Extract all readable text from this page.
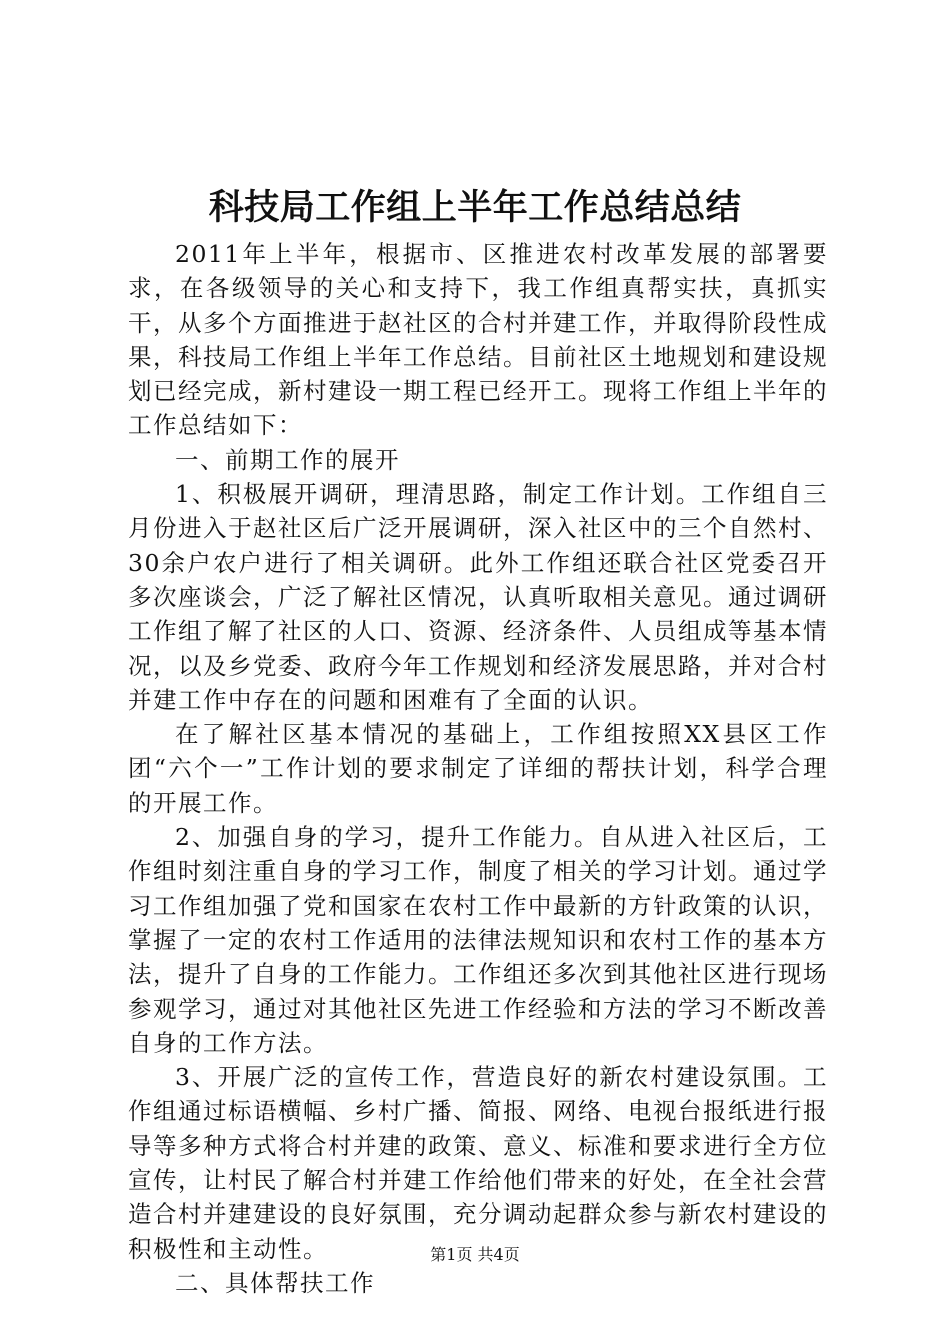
科技局工作组上半年工作总结总结

2011年上半年，根据市、区推进农村改革发展的部署要求，在各级领导的关心和支持下，我工作组真帮实扶，真抓实干，从多个方面推进于赵社区的合村并建工作，并取得阶段性成果，科技局工作组上半年工作总结。目前社区土地规划和建设规划已经完成，新村建设一期工程已经开工。现将工作组上半年的工作总结如下：

一、前期工作的展开

1、积极展开调研，理清思路，制定工作计划。工作组自三月份进入于赵社区后广泛开展调研，深入社区中的三个自然村、30余户农户进行了相关调研。此外工作组还联合社区党委召开多次座谈会，广泛了解社区情况，认真听取相关意见。通过调研工作组了解了社区的人口、资源、经济条件、人员组成等基本情况，以及乡党委、政府今年工作规划和经济发展思路，并对合村并建工作中存在的问题和困难有了全面的认识。

在了解社区基本情况的基础上，工作组按照XX县区工作团“六个一”工作计划的要求制定了详细的帮扶计划，科学合理的开展工作。

2、加强自身的学习，提升工作能力。自从进入社区后，工作组时刻注重自身的学习工作，制度了相关的学习计划。通过学习工作组加强了党和国家在农村工作中最新的方针政策的认识，掌握了一定的农村工作适用的法律法规知识和农村工作的基本方法，提升了自身的工作能力。工作组还多次到其他社区进行现场参观学习，通过对其他社区先进工作经验和方法的学习不断改善自身的工作方法。

3、开展广泛的宣传工作，营造良好的新农村建设氛围。工作组通过标语横幅、乡村广播、简报、网络、电视台报纸进行报导等多种方式将合村并建的政策、意义、标准和要求进行全方位宣传，让村民了解合村并建工作给他们带来的好处，在全社会营造合村并建建设的良好氛围，充分调动起群众参与新农村建设的积极性和主动性。

二、具体帮扶工作

第1页 共4页
